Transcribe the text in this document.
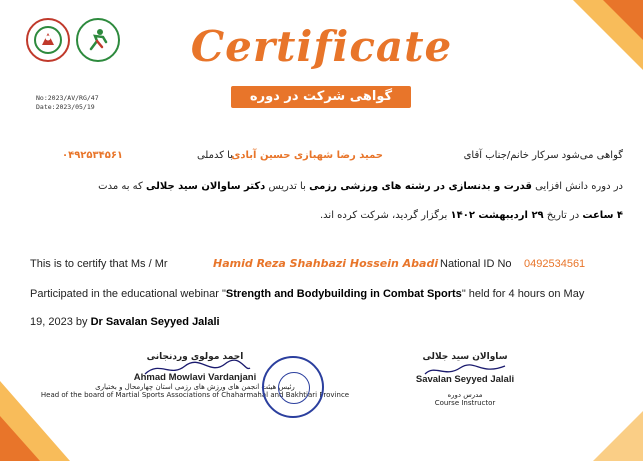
No:2023/AV/RG/47
Date:2023/05/19
Certificate
گواهی شرکت در دوره
گواهی می‌شود سرکار خانم/جناب آقای
حمید رضا شهبازی حسین آبادی
با کدملی
۰۴۹۲۵۳۴۵۶۱
در دوره دانش افزایی قدرت و بدنسازی در رشته های ورزشی رزمی با تدریس دکتر ساوالان سید جلالی که به مدت
۴ ساعت در تاریخ ۲۹ اردیبهشت ۱۴۰۲ برگزار گردید، شرکت کرده اند.
This is to certify that Ms / Mr	Hamid Reza Shahbazi Hossein Abadi National ID No 0492534561
Participated in the educational webinar "Strength and Bodybuilding in Combat Sports" held for 4 hours on May
19, 2023 by Dr Savalan Seyyed Jalali
احمد مولوی وردنجانی
Ahmad Mowlavi Vardanjani
رئیس هیئت انجمن های ورزش های رزمی استان چهارمحال و بختیاری
Head of the board of Martial Sports Associations of Chaharmahal and Bakhtiari Province
ساوالان سید جلالی
Savalan Seyyed Jalali
مدرس دوره
Course Instructor
